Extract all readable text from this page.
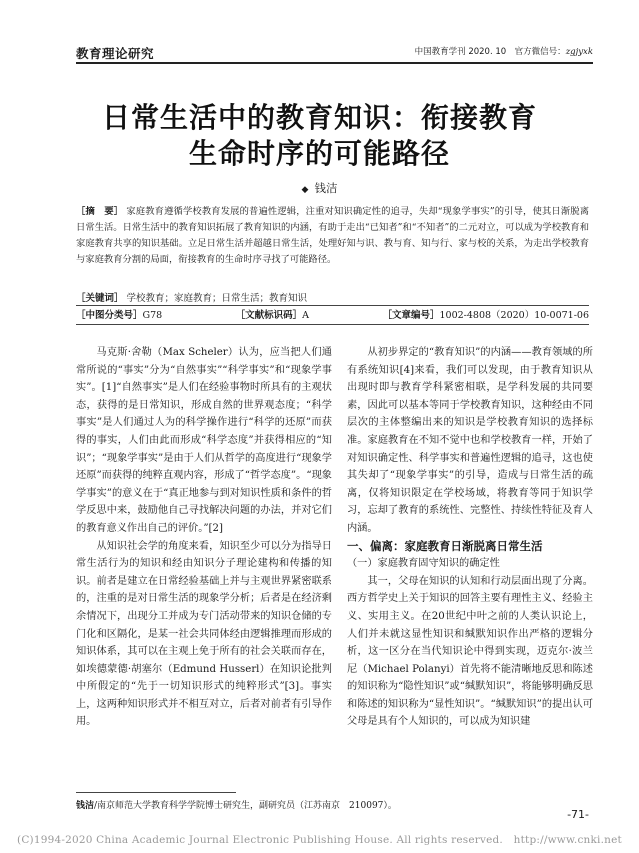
教育理论研究	中国教育学刊 2020. 10　官方微信号：zgjyxk
日常生活中的教育知识：衔接教育
生命时序的可能路径
◆ 钱洁
［摘　要］ 家庭教育遵循学校教育发展的普遍性逻辑，注重对知识确定性的追寻，失却“现象学事实”的引导，使其日渐脱离日常生活。日常生活中的教育知识拓展了教育知识的内涵，有助于走出“已知者”和“不知者”的二元对立，可以成为学校教育和家庭教育共享的知识基础。立足日常生活并超越日常生活，处理好知与识、教与育、知与行、家与校的关系，为走出学校教育与家庭教育分割的局面，衔接教育的生命时序寻找了可能路径。
［关键词］ 学校教育；家庭教育；日常生活；教育知识
［中图分类号］G78	［文献标识码］A	［文章编号］1002-4808（2020）10-0071-06

马克斯·舍勒（Max Scheler）认为，应当把人们通常所说的“事实”分为“自然事实”“科学事实”和“现象学事实”。[1]“自然事实”是人们在经验事物时所具有的主观状态，获得的是日常知识，形成自然的世界观态度；“科学事实”是人们通过人为的科学操作进行“科学的还原”而获得的事实，人们由此而形成“科学态度”并获得相应的“知识”；“现象学事实”是由于人们从哲学的高度进行“现象学还原”而获得的纯粹直观内容，形成了“哲学态度”。“现象学事实”的意义在于“真正地参与到对知识性质和条件的哲学反思中来，鼓励他自己寻找解决问题的办法，并对它们的教育意义作出自己的评价。”[2]

从知识社会学的角度来看，知识至少可以分为指导日常生活行为的知识和经由知识分子理论建构和传播的知识。前者是建立在日常经验基础上并与主观世界紧密联系的，注重的是对日常生活的现象学分析；后者是在经济剩余情况下，出现分工并成为专门活动带来的知识仓储的专门化和区隔化，是某一社会共同体经由逻辑推理而形成的知识体系，其可以在主观上免于所有的社会关联而存在，如埃德蒙德·胡塞尔（Edmund Husserl）在知识论批判中所假定的“先于一切知识形式的纯粹形式”[3]。事实上，这两种知识形式并不相互对立，后者对前者有引导作用。

从初步界定的“教育知识”的内涵——教育领域的所有系统知识[4]来看，我们可以发现，由于教育知识从出现时即与教育学科紧密相联，是学科发展的共同要素，因此可以基本等同于学校教育知识，这种经由不同层次的主体整编出来的知识是学校教育知识的选择标准。家庭教育在不知不觉中也和学校教育一样，开始了对知识确定性、科学事实和普遍性逻辑的追寻，这也使其失却了“现象学事实”的引导，造成与日常生活的疏离，仅将知识限定在学校场域，将教育等同于知识学习，忘却了教育的系统性、完整性、持续性特征及育人内涵。

一、偏离：家庭教育日渐脱离日常生活

（一）家庭教育固守知识的确定性

其一，父母在知识的认知和行动层面出现了分离。西方哲学史上关于知识的回答主要有理性主义、经验主义、实用主义。在20世纪中叶之前的人类认识论上，人们并未就这显性知识和缄默知识作出严格的逻辑分析，这一区分在当代知识论中得到实现，迈克尔·波兰尼（Michael Polanyi）首先将不能清晰地反思和陈述的知识称为“隐性知识”或“缄默知识”，将能够明确反思和陈述的知识称为“显性知识”。“缄默知识”的提出认可父母是具有个人知识的，可以成为知识建

钱洁/南京师范大学教育科学学院博士研究生，副研究员（江苏南京　210097）。
-71-
(C)1994-2020 China Academic Journal Electronic Publishing House. All rights reserved.　http://www.cnki.net
